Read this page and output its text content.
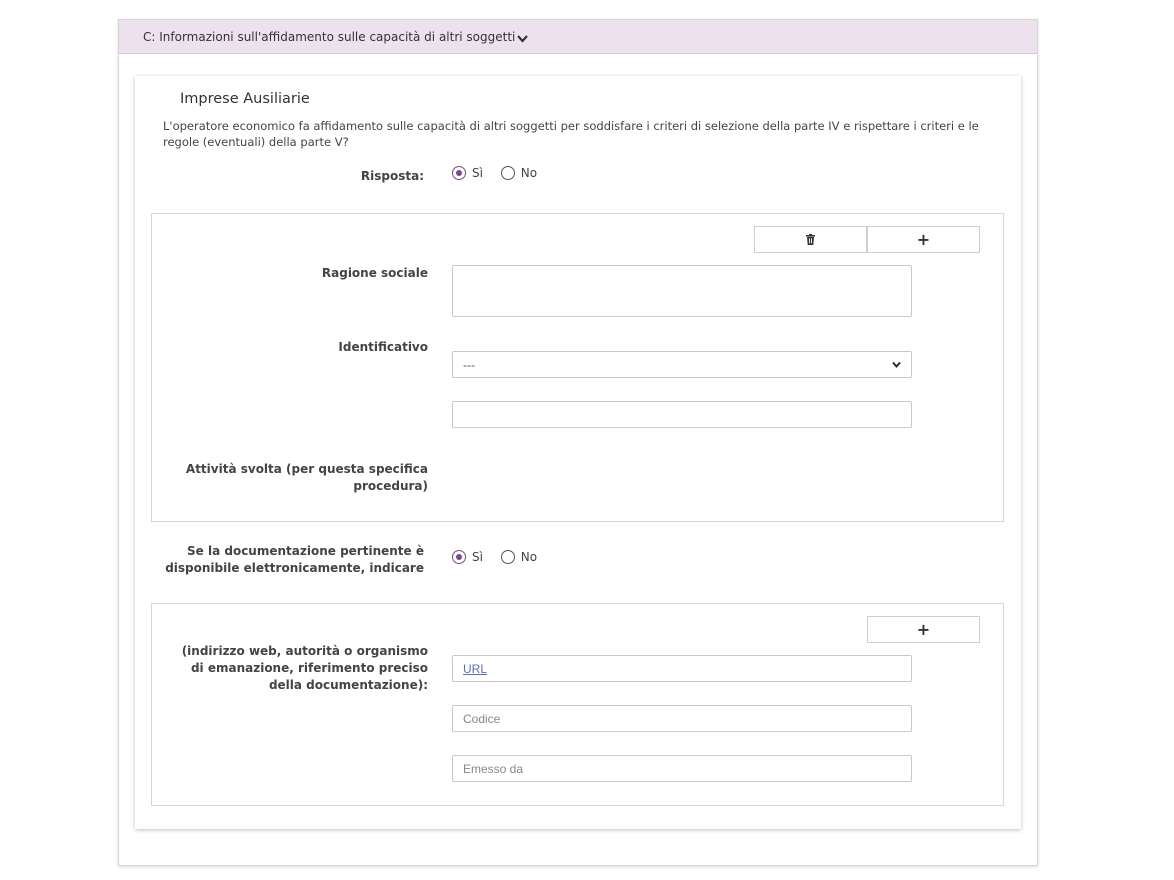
C: Informazioni sull'affidamento sulle capacità di altri soggetti
Imprese Ausiliarie
L'operatore economico fa affidamento sulle capacità di altri soggetti per soddisfare i criteri di selezione della parte IV e rispettare i criteri e le regole (eventuali) della parte V?
Risposta:	Sì
	No
+
Ragione sociale
Identificativo
---
Attività svolta (per questa specifica procedura)
Se la documentazione pertinente è disponibile elettronicamente, indicare
Sì
	No
+
(indirizzo web, autorità o organismo di emanazione, riferimento preciso della documentazione):
URL
Codice
Emesso da
